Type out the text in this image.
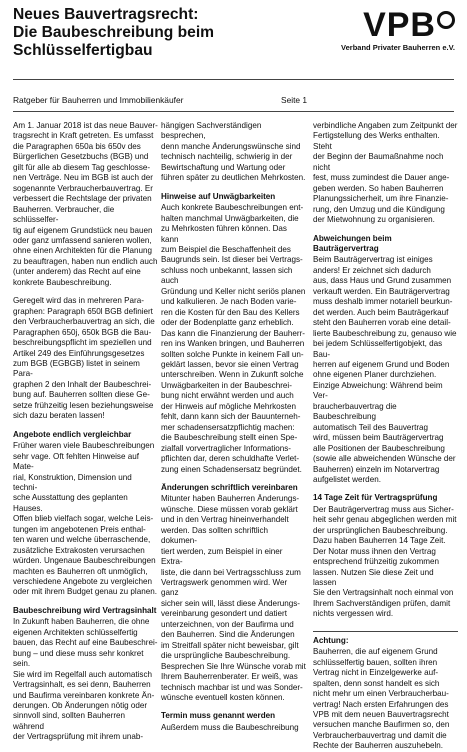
Neues Bauvertragsrecht:
Die Baubeschreibung beim
Schlüsselfertigbau
VPB
Verband Privater Bauherren e.V.
Ratgeber für Bauherren und Immobilienkäufer	Seite 1

Am 1. Januar 2018 ist das neue Bauver-
tragsrecht in Kraft getreten. Es umfasst
die Paragraphen 650a bis 650v des
Bürgerlichen Gesetzbuchs (BGB) und
gilt für alle ab diesem Tag geschlosse-
nen Verträge. Neu im BGB ist auch der
sogenannte Verbraucherbauvertrag. Er
verbessert die Rechtslage der privaten
Bauherren. Verbraucher, die schlüsselfer-
tig auf eigenem Grundstück neu bauen
oder ganz umfassend sanieren wollen,
ohne einen Architekten für die Planung
zu beauftragen, haben nun endlich auch
(unter anderem) das Recht auf eine
konkrete Baubeschreibung.

Geregelt wird das in mehreren Para-
graphen: Paragraph 650l BGB definiert
den Verbraucherbauvertrag an sich, die
Paragraphen 650j, 650k BGB die Bau-
beschreibungspflicht im speziellen und
Artikel 249 des Einführungsgesetzes
zum BGB (EGBGB) listet in seinem Para-
graphen 2 den Inhalt der Baubeschrei-
bung auf. Bauherren sollten diese Ge-
setze frühzeitig lesen beziehungsweise
sich dazu beraten lassen!

Angebote endlich vergleichbar

Früher waren viele Baubeschreibungen
sehr vage. Oft fehlten Hinweise auf Mate-
rial, Konstruktion, Dimension und techni-
sche Ausstattung des geplanten Hauses.
Offen blieb vielfach sogar, welche Leis-
tungen im angebotenen Preis enthal-
ten waren und welche überraschende,
zusätzliche Extrakosten verursachen
würden. Ungenaue Baubeschreibungen
machten es Bauherren oft unmöglich,
verschiedene Angebote zu vergleichen
oder mit ihrem Budget genau zu planen.

Baubeschreibung wird Vertragsinhalt

In Zukunft haben Bauherren, die ohne
eigenen Architekten schlüsselfertig
bauen, das Recht auf eine Baubeschrei-
bung – und diese muss sehr konkret sein.
Sie wird im Regelfall auch automatisch
Vertragsinhalt, es sei denn, Bauherren
und Baufirma vereinbaren konkrete Än-
derungen. Ob Änderungen nötig oder
sinnvoll sind, sollten Bauherren während
der Vertragsprüfung mit ihrem unab-

hängigen Sachverständigen besprechen,
denn manche Änderungswünsche sind
technisch nachteilig, schwierig in der
Bewirtschaftung und Wartung oder
führen später zu deutlichen Mehrkosten.

Hinweise auf Unwägbarkeiten

Auch konkrete Baubeschreibungen ent-
halten manchmal Unwägbarkeiten, die
zu Mehrkosten führen können. Das kann
zum Beispiel die Beschaffenheit des
Baugrunds sein. Ist dieser bei Vertrags-
schluss noch unbekannt, lassen sich auch
Gründung und Keller nicht seriös planen
und kalkulieren. Je nach Boden varie-
ren die Kosten für den Bau des Kellers
oder der Bodenplatte ganz erheblich.
Das kann die Finanzierung der Bauherr-
ren ins Wanken bringen, und Bauherren
sollten solche Punkte in keinem Fall un-
geklärt lassen, bevor sie einen Vertrag
unterschreiben. Wenn in Zukunft solche
Unwägbarkeiten in der Baubeschrei-
bung nicht erwähnt werden und auch
der Hinweis auf mögliche Mehrkosten
fehlt, dann kann sich der Bauunterneh-
mer schadensersatzpflichtig machen:
die Baubeschreibung stellt einen Spe-
zialfall vorvertraglicher Informations-
pflichten dar, deren schuldhafte Verlet-
zung einen Schadensersatz begründet.

Änderungen schriftlich vereinbaren

Mitunter haben Bauherren Änderungs-
wünsche. Diese müssen vorab geklärt
und in den Vertrag hineinverhandelt
werden. Das sollten schriftlich dokumen-
tiert werden, zum Beispiel in einer Extra-
liste, die dann bei Vertragsschluss zum
Vertragswerk genommen wird. Wer ganz
sicher sein will, lässt diese Änderungs-
vereinbarung gesondert und datiert
unterzeichnen, von der Baufirma und
den Bauherren. Sind die Änderungen
im Streitfall später nicht beweisbar, gilt
die ursprüngliche Baubeschreibung.
Besprechen Sie Ihre Wünsche vorab mit
Ihrem Bauherrenberater. Er weiß, was
technisch machbar ist und was Sonder-
wünsche eventuell kosten können.

Termin muss genannt werden

Außerdem muss die Baubeschreibung

verbindliche Angaben zum Zeitpunkt der
Fertigstellung des Werks enthalten. Steht
der Beginn der Baumaßnahme noch nicht
fest, muss zumindest die Dauer ange-
geben werden. So haben Bauherren
Planungssicherheit, um ihre Finanzie-
rung, den Umzug und die Kündigung
der Mietwohnung zu organisieren.

Abweichungen beim Bauträgervertrag

Beim Bauträgervertrag ist einiges
anders! Er zeichnet sich dadurch
aus, dass Haus und Grund zusammen
verkauft werden. Ein Bauträgervertrag
muss deshalb immer notariell beurkun-
det werden. Auch beim Bauträgerkauf
steht den Bauherren vorab eine detail-
lierte Baubeschreibung zu, genauso wie
bei jedem Schlüsselfertigobjekt, das Bau-
herren auf eigenem Grund und Boden
ohne eigenen Planer durchziehen.
Einzige Abweichung: Während beim Ver-
braucherbauvertrag die Baubeschreibung
automatisch Teil des Bauvertrag
wird, müssen beim Bauträgervertrag
alle Positionen der Baubeschreibung
(sowie alle abweichenden Wünsche der
Bauherren) einzeln im Notarvertrag
aufgelistet werden.

14 Tage Zeit für Vertragsprüfung

Der Bauträgervertrag muss aus Sicher-
heit sehr genau abgeglichen werden mit
der ursprünglichen Baubeschreibung.
Dazu haben Bauherren 14 Tage Zeit.
Der Notar muss ihnen den Vertrag
entsprechend frühzeitig zukommen
lassen. Nutzen Sie diese Zeit und lassen
Sie den Vertragsinhalt noch einmal von
Ihrem Sachverständigen prüfen, damit
nichts vergessen wird.

Achtung:

Bauherren, die auf eigenem Grund
schlüsselfertig bauen, sollten ihren
Vertrag nicht in Einzelgewerke auf-
spalten, denn sonst handelt es sich
nicht mehr um einen Verbraucherbau-
vertrag! Nach ersten Erfahrungen des
VPB mit dem neuen Bauvertragsrecht
versuchen manche Baufirmen so, den
Verbraucherbauvertrag und damit die
Rechte der Bauherren auszuhebeln.
